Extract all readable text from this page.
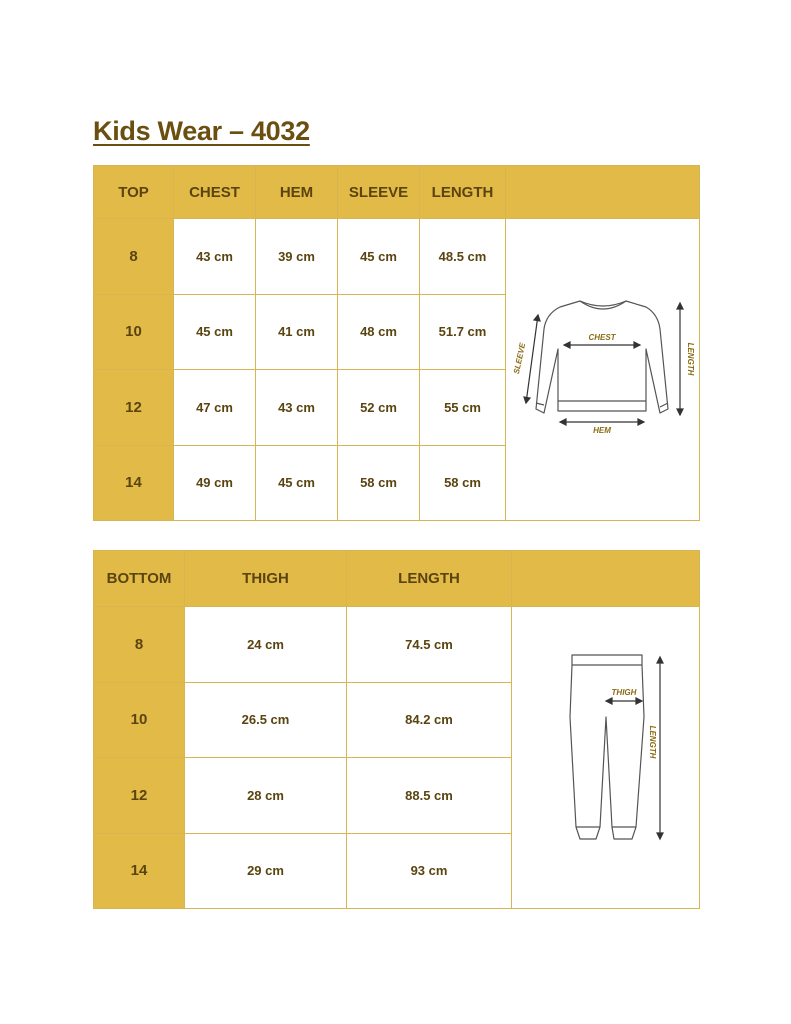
Kids Wear – 4032
TOP	CHEST	HEM	SLEEVE	LENGTH	
8	43 cm	39 cm	45 cm	48.5 cm	CHEST
HEM
LENGTH
SLEEVE

10	45 cm	41 cm	48 cm	51.7 cm	
12	47 cm	43 cm	52 cm	55 cm	
14	49 cm	45 cm	58 cm	58 cm	
BOTTOM	THIGH	LENGTH	
8	24 cm	74.5 cm	THIGH
LENGTH

10	26.5 cm	84.2 cm	
12	28 cm	88.5 cm	
14	29 cm	93 cm	
